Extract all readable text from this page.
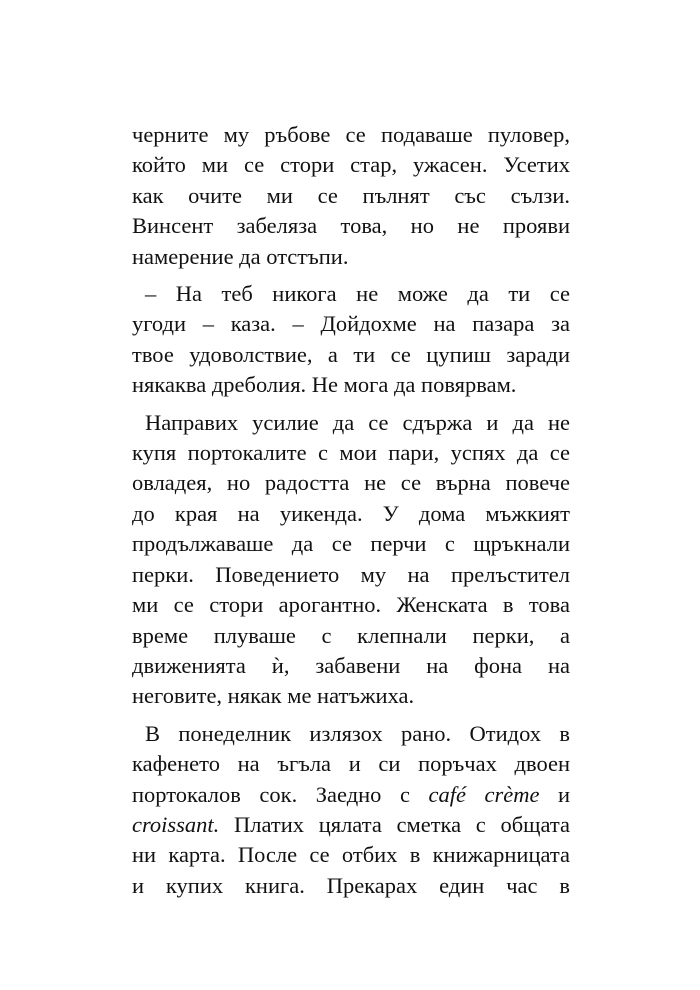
черните му ръбове се подаваше пуловер,
който ми се стори стар, ужасен. Усетих
как очите ми се пълнят със сълзи.
Винсент забеляза това, но не прояви
намерение да отстъпи.

– На теб никога не може да ти се
угоди – каза. – Дойдохме на пазара за
твое удоволствие, а ти се цупиш заради
някаква дреболия. Не мога да повярвам.

Направих усилие да се сдържа и да не
купя портокалите с мои пари, успях да се
овладея, но радостта не се върна повече
до края на уикенда. У дома мъжкият
продължаваше да се перчи с щръкнали
перки. Поведението му на прелъстител
ми се стори арогантно. Женската в това
време плуваше с клепнали перки, а
движенията ѝ, забавени на фона на
неговите, някак ме натъжиха.

В понеделник излязох рано. Отидох в
кафенето на ъгъла и си поръчах двоен
портокалов сок. Заедно с café crème и
croissant. Платих цялата сметка с общата
ни карта. После се отбих в книжарницата
и купих книга. Прекарах един час в
